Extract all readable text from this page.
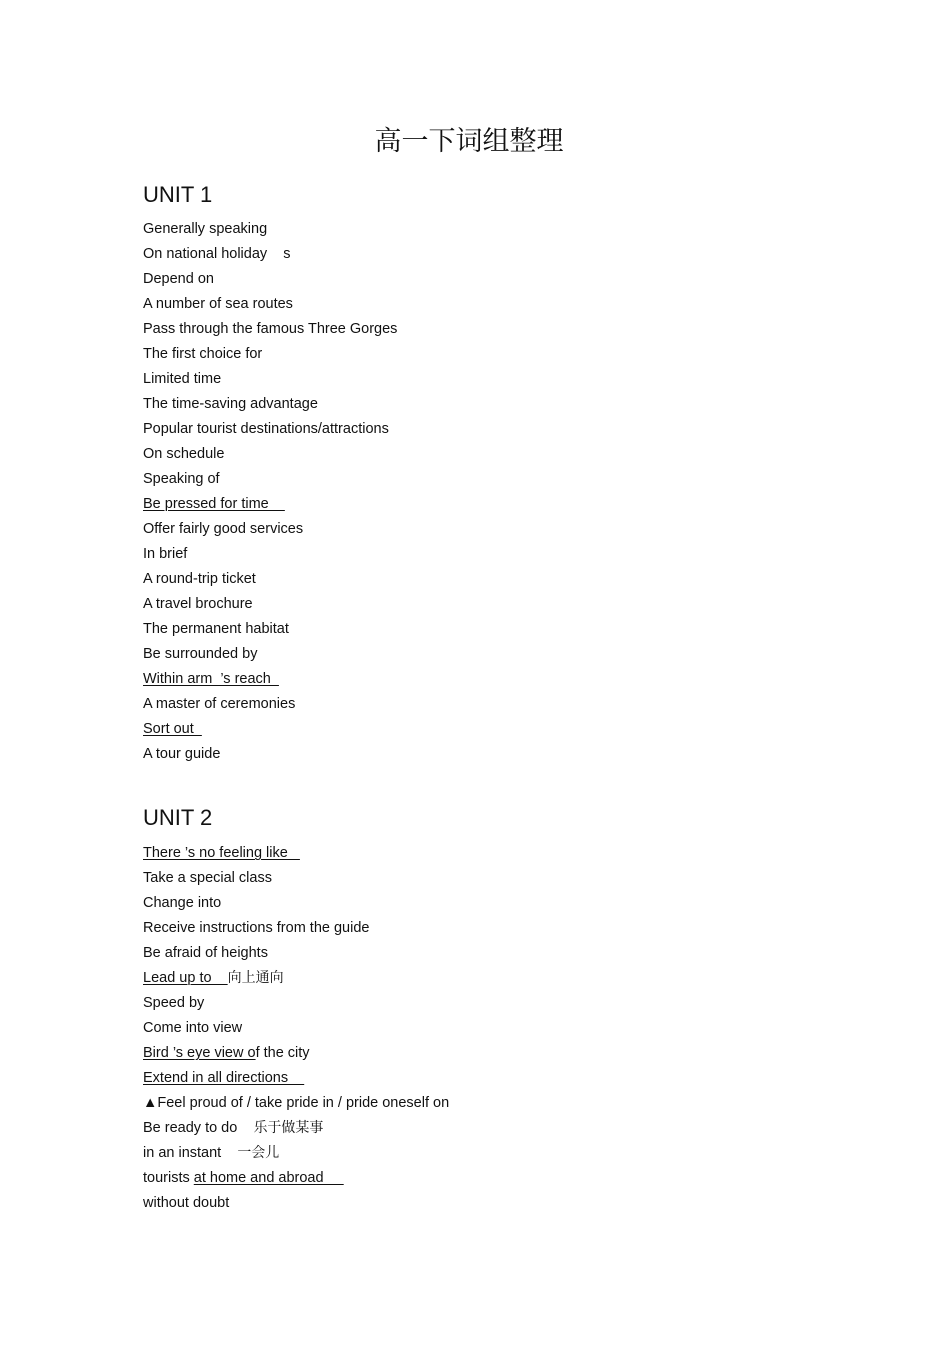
高一下词组整理
UNIT 1
Generally speaking
On national holiday    s
Depend on
A number of sea routes
Pass through the famous Three Gorges
The first choice for
Limited time
The time-saving advantage
Popular tourist destinations/attractions
On schedule
Speaking of
Be pressed for time
Offer fairly good services
In brief
A round-trip ticket
A travel brochure
The permanent habitat
Be surrounded by
Within arm  ’s reach
A master of ceremonies
Sort out
A tour guide
UNIT 2
There ’s no feeling like
Take a special class
Change into
Receive instructions from the guide
Be afraid of heights
Lead up to    向上通向
Speed by
Come into view
Bird ’s eye view of the city
Extend in all directions
▲Feel proud of / take pride in / pride oneself on
Be ready to do    乐于做某事
in an instant    一会儿
tourists at home and abroad
without doubt
